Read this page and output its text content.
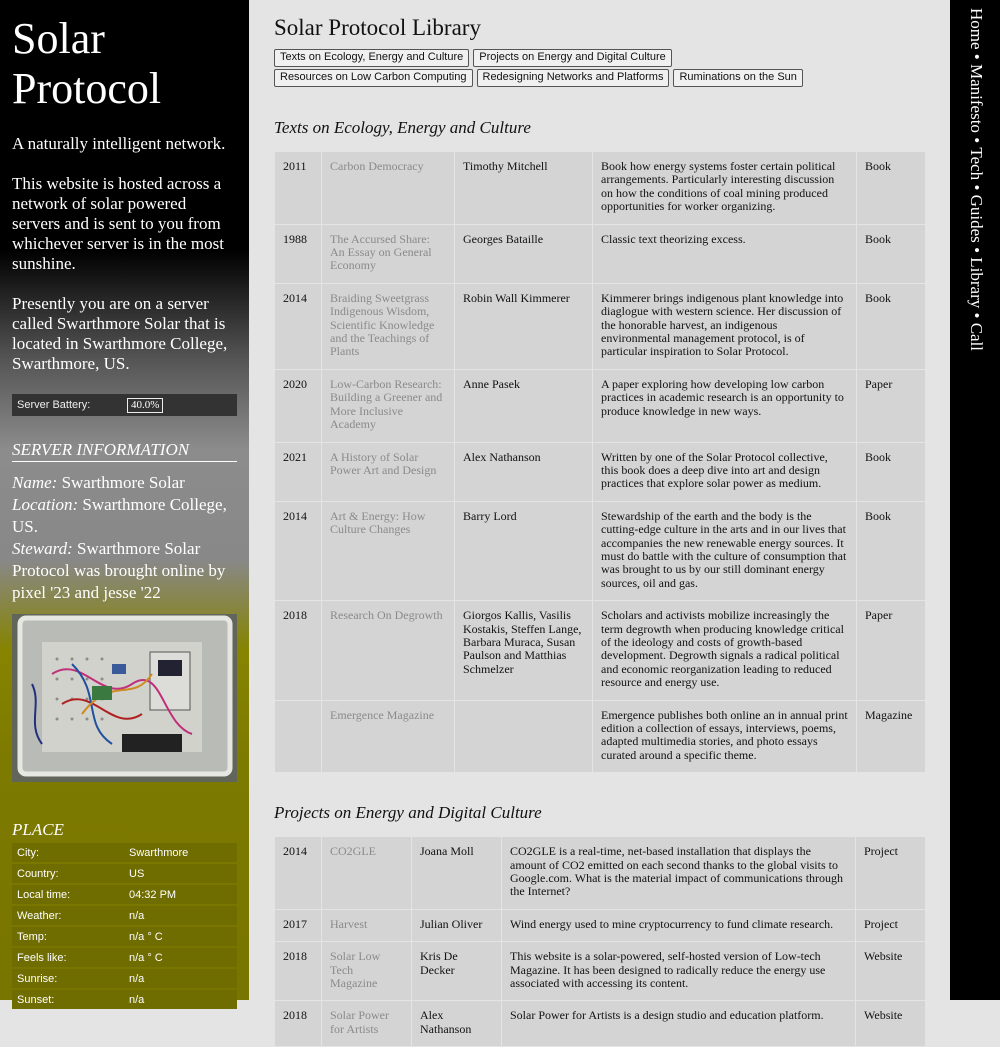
Solar Protocol

A naturally intelligent network.

This website is hosted across a network of solar powered servers and is sent to you from whichever server is in the most sunshine.

Presently you are on a server called Swarthmore Solar that is located in Swarthmore College, Swarthmore, US.

Server Battery:	40.0%
SERVER INFORMATION
Name: Swarthmore Solar
Location: Swarthmore College, US.
Steward: Swarthmore Solar Protocol was brought online by pixel '23 and jesse '22
PLACE
City:	Swarthmore
Country:	US
Local time:	04:32 PM
Weather:	n/a
Temp:	n/a ° C
Feels like:	n/a ° C
Sunrise:	n/a
Sunset:	n/a
Solar Protocol Library
Texts on Ecology, Energy and Culture	Projects on Energy and Digital Culture
Resources on Low Carbon Computing	Redesigning Networks and Platforms	Ruminations on the Sun
Texts on Ecology, Energy and Culture
2011	Carbon Democracy	Timothy Mitchell	Book how energy systems foster certain political arrangements. Particularly interesting discussion on how the conditions of coal mining produced opportunities for worker organizing.	Book
1988	The Accursed Share: An Essay on General Economy	Georges Bataille	Classic text theorizing excess.	Book
2014	Braiding Sweetgrass Indigenous Wisdom, Scientific Knowledge and the Teachings of Plants	Robin Wall Kimmerer	Kimmerer brings indigenous plant knowledge into diaglogue with western science. Her discussion of the honorable harvest, an indigenous environmental management protocol, is of particular inspiration to Solar Protocol.	Book
2020	Low-Carbon Research: Building a Greener and More Inclusive Academy	Anne Pasek	A paper exploring how developing low carbon practices in academic research is an opportunity to produce knowledge in new ways.	Paper
2021	A History of Solar Power Art and Design	Alex Nathanson	Written by one of the Solar Protocol collective, this book does a deep dive into art and design practices that explore solar power as medium.	Book
2014	Art & Energy: How Culture Changes	Barry Lord	Stewardship of the earth and the body is the cutting-edge culture in the arts and in our lives that accompanies the new renewable energy sources. It must do battle with the culture of consumption that was brought to us by our still dominant energy sources, oil and gas.	Book
2018	Research On Degrowth	Giorgos Kallis, Vasilis Kostakis, Steffen Lange, Barbara Muraca, Susan Paulson and Matthias Schmelzer	Scholars and activists mobilize increasingly the term degrowth when producing knowledge critical of the ideology and costs of growth-based development. Degrowth signals a radical political and economic reorganization leading to reduced resource and energy use.	Paper
	Emergence Magazine		Emergence publishes both online an in annual print edition a collection of essays, interviews, poems, adapted multimedia stories, and photo essays curated around a specific theme.	Magazine
Projects on Energy and Digital Culture
2014	CO2GLE	Joana Moll	CO2GLE is a real-time, net-based installation that displays the amount of CO2 emitted on each second thanks to the global visits to Google.com. What is the material impact of communications through the Internet?	Project
2017	Harvest	Julian Oliver	Wind energy used to mine cryptocurrency to fund climate research.	Project
2018	Solar Low Tech Magazine	Kris De Decker	This website is a solar-powered, self-hosted version of Low-tech Magazine. It has been designed to radically reduce the energy use associated with accessing its content.	Website
2018	Solar Power for Artists	Alex Nathanson	Solar Power for Artists is a design studio and education platform.	Website
Home • Manifesto • Tech • Guides • Library • Call
